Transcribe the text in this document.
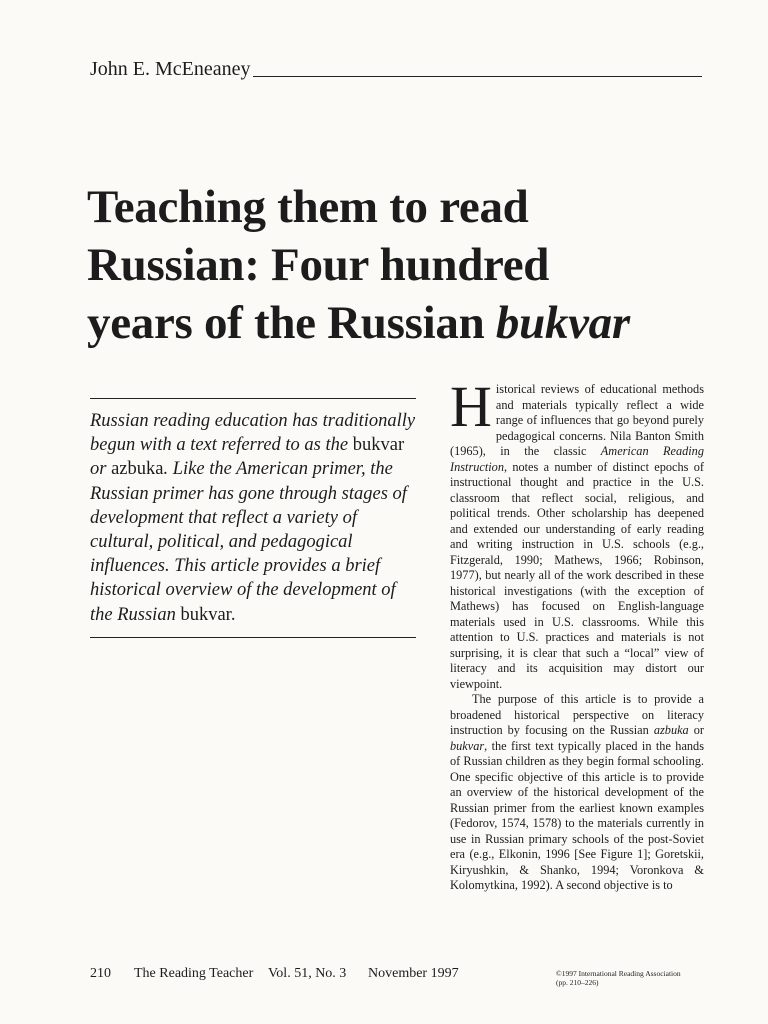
John E. McEneaney
Teaching them to read
Russian: Four hundred
years of the Russian bukvar
Russian reading education has traditionally begun with a text referred to as the bukvar or azbuka. Like the American primer, the Russian primer has gone through stages of development that reflect a variety of cultural, political, and pedagogical influences. This article provides a brief historical overview of the development of the Russian bukvar.

Historical reviews of educational methods and materials typically reflect a wide range of influences that go beyond purely pedagogical concerns. Nila Banton Smith (1965), in the classic American Reading Instruction, notes a number of distinct epochs of instructional thought and practice in the U.S. classroom that reflect social, religious, and political trends. Other scholarship has deepened and extended our understanding of early reading and writing instruction in U.S. schools (e.g., Fitzgerald, 1990; Mathews, 1966; Robinson, 1977), but nearly all of the work described in these historical investigations (with the exception of Mathews) has focused on English-language materials used in U.S. classrooms. While this attention to U.S. practices and materials is not surprising, it is clear that such a “local” view of literacy and its acquisition may distort our viewpoint.

The purpose of this article is to provide a broadened historical perspective on literacy instruction by focusing on the Russian azbuka or bukvar, the first text typically placed in the hands of Russian children as they begin formal schooling. One specific objective of this article is to provide an overview of the historical development of the Russian primer from the earliest known examples (Fedorov, 1574, 1578) to the materials currently in use in Russian primary schools of the post-Soviet era (e.g., Elkonin, 1996 [See Figure 1]; Goretskii, Kiryushkin, & Shanko, 1994; Voronkova & Kolomytkina, 1992). A second objective is to

210	The Reading Teacher	Vol. 51, No. 3	November 1997	©1997 International Reading Association
(pp. 210–226)
